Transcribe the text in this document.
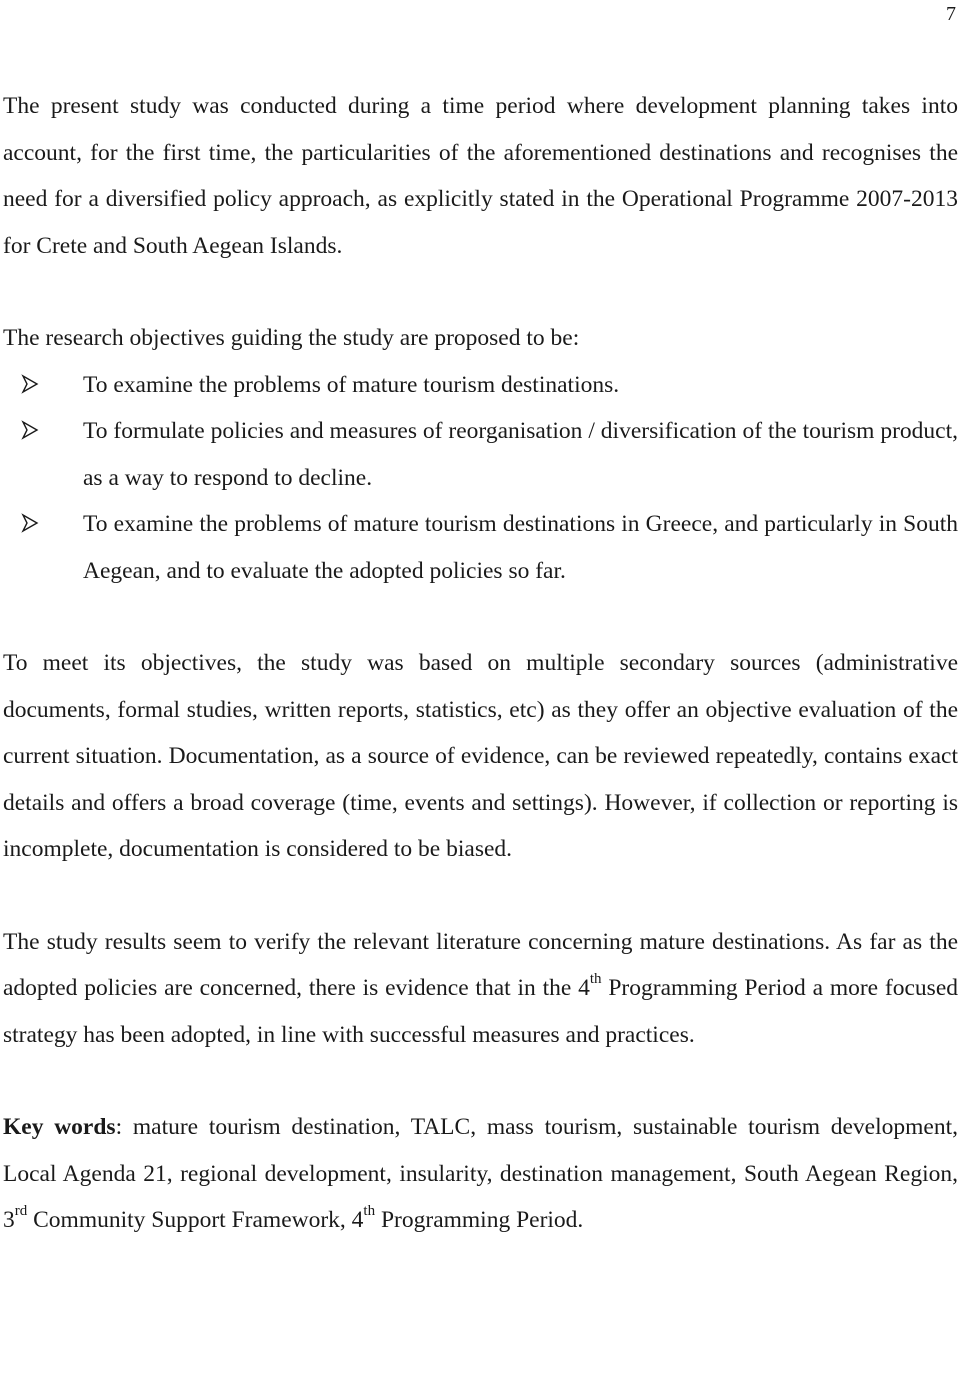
7

The present study was conducted during a time period where development planning takes into account, for the first time, the particularities of the aforementioned destinations and recognises the need for a diversified policy approach, as explicitly stated in the Operational Programme 2007-2013 for Crete and South Aegean Islands.

The research objectives guiding the study are proposed to be:

To examine the problems of mature tourism destinations.
To formulate policies and measures of reorganisation / diversification of the tourism product, as a way to respond to decline.
To examine the problems of mature tourism destinations in Greece, and particularly in South Aegean, and to evaluate the adopted policies so far.

To meet its objectives, the study was based on multiple secondary sources (administrative documents, formal studies, written reports, statistics, etc) as they offer an objective evaluation of the current situation. Documentation, as a source of evidence, can be reviewed repeatedly, contains exact details and offers a broad coverage (time, events and settings). However, if collection or reporting is incomplete, documentation is considered to be biased.

The study results seem to verify the relevant literature concerning mature destinations. As far as the adopted policies are concerned, there is evidence that in the 4th Programming Period a more focused strategy has been adopted, in line with successful measures and practices.

Key words: mature tourism destination, TALC, mass tourism, sustainable tourism development, Local Agenda 21, regional development, insularity, destination management, South Aegean Region, 3rd Community Support Framework, 4th Programming Period.
